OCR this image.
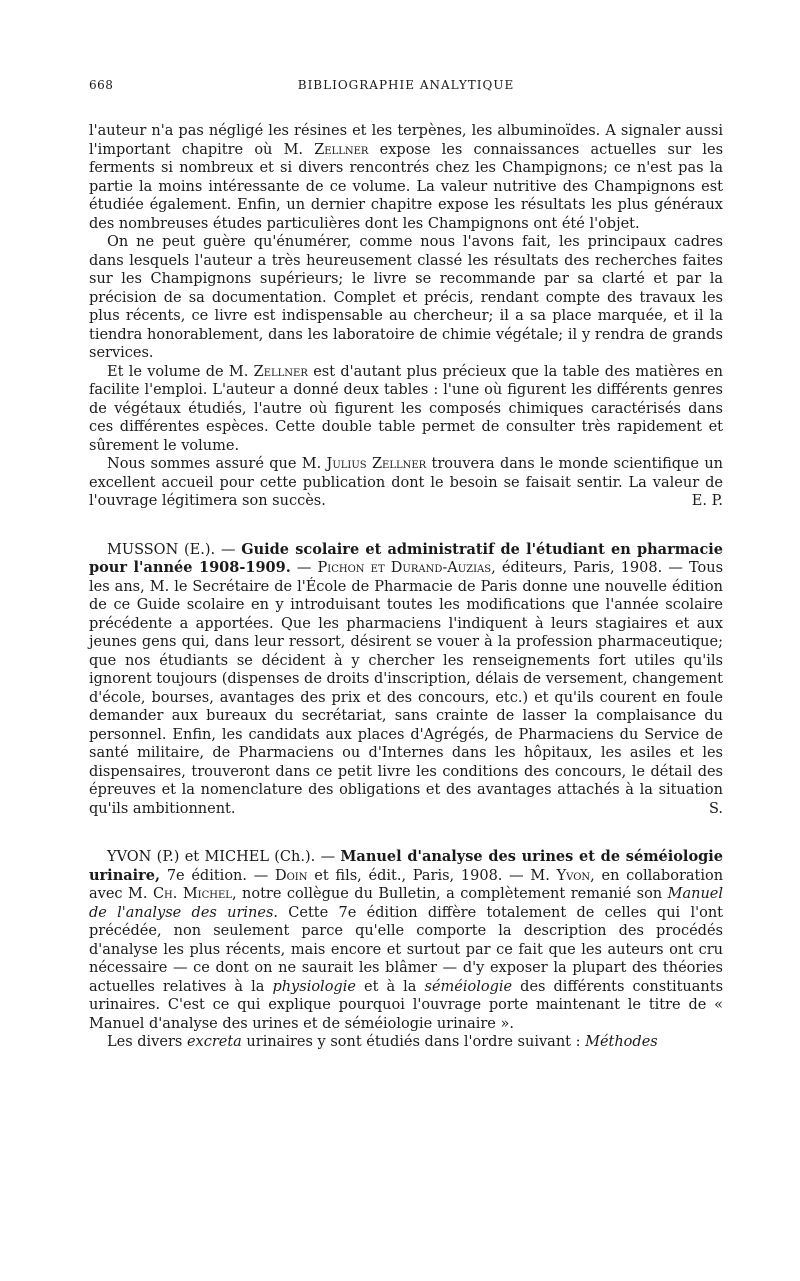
668	BIBLIOGRAPHIE ANALYTIQUE

l'auteur n'a pas négligé les résines et les terpènes, les albuminoïdes. A signaler aussi l'important chapitre où M. Zellner expose les connaissances actuelles sur les ferments si nombreux et si divers rencontrés chez les Champignons; ce n'est pas la partie la moins intéressante de ce volume. La valeur nutritive des Champignons est étudiée également. Enfin, un dernier chapitre expose les résultats les plus généraux des nombreuses études particulières dont les Champignons ont été l'objet.

On ne peut guère qu'énumérer, comme nous l'avons fait, les principaux cadres dans lesquels l'auteur a très heureusement classé les résultats des recherches faites sur les Champignons supérieurs; le livre se recommande par sa clarté et par la précision de sa documentation. Complet et précis, rendant compte des travaux les plus récents, ce livre est indispensable au chercheur; il a sa place marquée, et il la tiendra honorablement, dans les laboratoire de chimie végétale; il y rendra de grands services.

Et le volume de M. Zellner est d'autant plus précieux que la table des matières en facilite l'emploi. L'auteur a donné deux tables : l'une où figurent les différents genres de végétaux étudiés, l'autre où figurent les composés chimiques caractérisés dans ces différentes espèces. Cette double table permet de consulter très rapidement et sûrement le volume.

Nous sommes assuré que M. Julius Zellner trouvera dans le monde scientifique un excellent accueil pour cette publication dont le besoin se faisait sentir. La valeur de l'ouvrage légitimera son succès.	E. P.

MUSSON (E.). — Guide scolaire et administratif de l'étudiant en pharmacie pour l'année 1908-1909. — Pichon et Durand-Auzias, éditeurs, Paris, 1908. — Tous les ans, M. le Secrétaire de l'École de Pharmacie de Paris donne une nouvelle édition de ce Guide scolaire en y introduisant toutes les modifications que l'année scolaire précédente a apportées. Que les pharmaciens l'indiquent à leurs stagiaires et aux jeunes gens qui, dans leur ressort, désirent se vouer à la profession pharmaceutique; que nos étudiants se décident à y chercher les renseignements fort utiles qu'ils ignorent toujours (dispenses de droits d'inscription, délais de versement, changement d'école, bourses, avantages des prix et des concours, etc.) et qu'ils courent en foule demander aux bureaux du secrétariat, sans crainte de lasser la complaisance du personnel. Enfin, les candidats aux places d'Agrégés, de Pharmaciens du Service de santé militaire, de Pharmaciens ou d'Internes dans les hôpitaux, les asiles et les dispensaires, trouveront dans ce petit livre les conditions des concours, le détail des épreuves et la nomenclature des obligations et des avantages attachés à la situation qu'ils ambitionnent.	S.

YVON (P.) et MICHEL (Ch.). — Manuel d'analyse des urines et de séméiologie urinaire, 7e édition. — Doin et fils, édit., Paris, 1908. — M. Yvon, en collaboration avec M. Ch. Michel, notre collègue du Bulletin, a complètement remanié son Manuel de l'analyse des urines. Cette 7e édition diffère totalement de celles qui l'ont précédée, non seulement parce qu'elle comporte la description des procédés d'analyse les plus récents, mais encore et surtout par ce fait que les auteurs ont cru nécessaire — ce dont on ne saurait les blâmer — d'y exposer la plupart des théories actuelles relatives à la physiologie et à la séméiologie des différents constituants urinaires. C'est ce qui explique pourquoi l'ouvrage porte maintenant le titre de « Manuel d'analyse des urines et de séméiologie urinaire ».

Les divers excreta urinaires y sont étudiés dans l'ordre suivant : Méthodes
